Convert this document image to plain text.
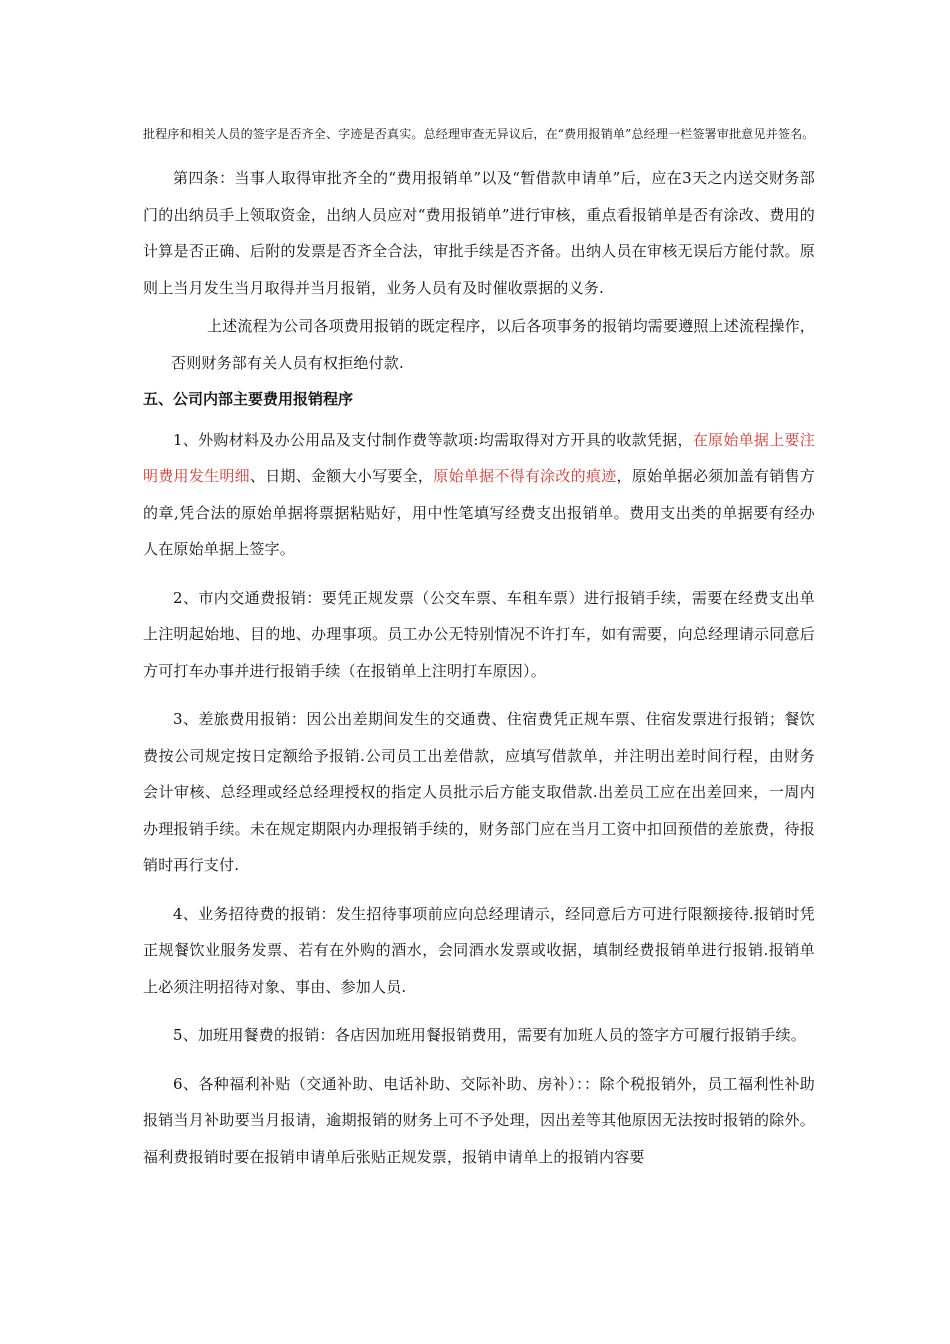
批程序和相关人员的签字是否齐全、字迹是否真实。总经理审查无异议后，在“费用报销单”总经理一栏签署审批意见并签名。

第四条：当事人取得审批齐全的“费用报销单”以及“暂借款申请单”后，应在3天之内送交财务部门的出纳员手上领取资金，出纳人员应对“费用报销单”进行审核，重点看报销单是否有涂改、费用的计算是否正确、后附的发票是否齐全合法，审批手续是否齐备。出纳人员在审核无误后方能付款。原则上当月发生当月取得并当月报销，业务人员有及时催收票据的义务.

上述流程为公司各项费用报销的既定程序，以后各项事务的报销均需要遵照上述流程操作，否则财务部有关人员有权拒绝付款.

五、公司内部主要费用报销程序

1、外购材料及办公用品及支付制作费等款项:均需取得对方开具的收款凭据，在原始单据上要注明费用发生明细、日期、金额大小写要全，原始单据不得有涂改的痕迹，原始单据必须加盖有销售方的章,凭合法的原始单据将票据粘贴好，用中性笔填写经费支出报销单。费用支出类的单据要有经办人在原始单据上签字。

2、市内交通费报销：要凭正规发票（公交车票、车租车票）进行报销手续，需要在经费支出单上注明起始地、目的地、办理事项。员工办公无特别情况不许打车，如有需要，向总经理请示同意后方可打车办事并进行报销手续（在报销单上注明打车原因）。

3、差旅费用报销：因公出差期间发生的交通费、住宿费凭正规车票、住宿发票进行报销；餐饮费按公司规定按日定额给予报销.公司员工出差借款，应填写借款单，并注明出差时间行程，由财务会计审核、总经理或经总经理授权的指定人员批示后方能支取借款.出差员工应在出差回来，一周内办理报销手续。未在规定期限内办理报销手续的，财务部门应在当月工资中扣回预借的差旅费，待报销时再行支付.

4、业务招待费的报销：发生招待事项前应向总经理请示，经同意后方可进行限额接待.报销时凭正规餐饮业服务发票、若有在外购的酒水，会同酒水发票或收据，填制经费报销单进行报销.报销单上必须注明招待对象、事由、参加人员.

5、加班用餐费的报销：各店因加班用餐报销费用，需要有加班人员的签字方可履行报销手续。

6、各种福利补贴（交通补助、电话补助、交际补助、房补）：：除个税报销外，员工福利性补助报销当月补助要当月报请，逾期报销的财务上可不予处理，因出差等其他原因无法按时报销的除外。福利费报销时要在报销申请单后张贴正规发票，报销申请单上的报销内容要
